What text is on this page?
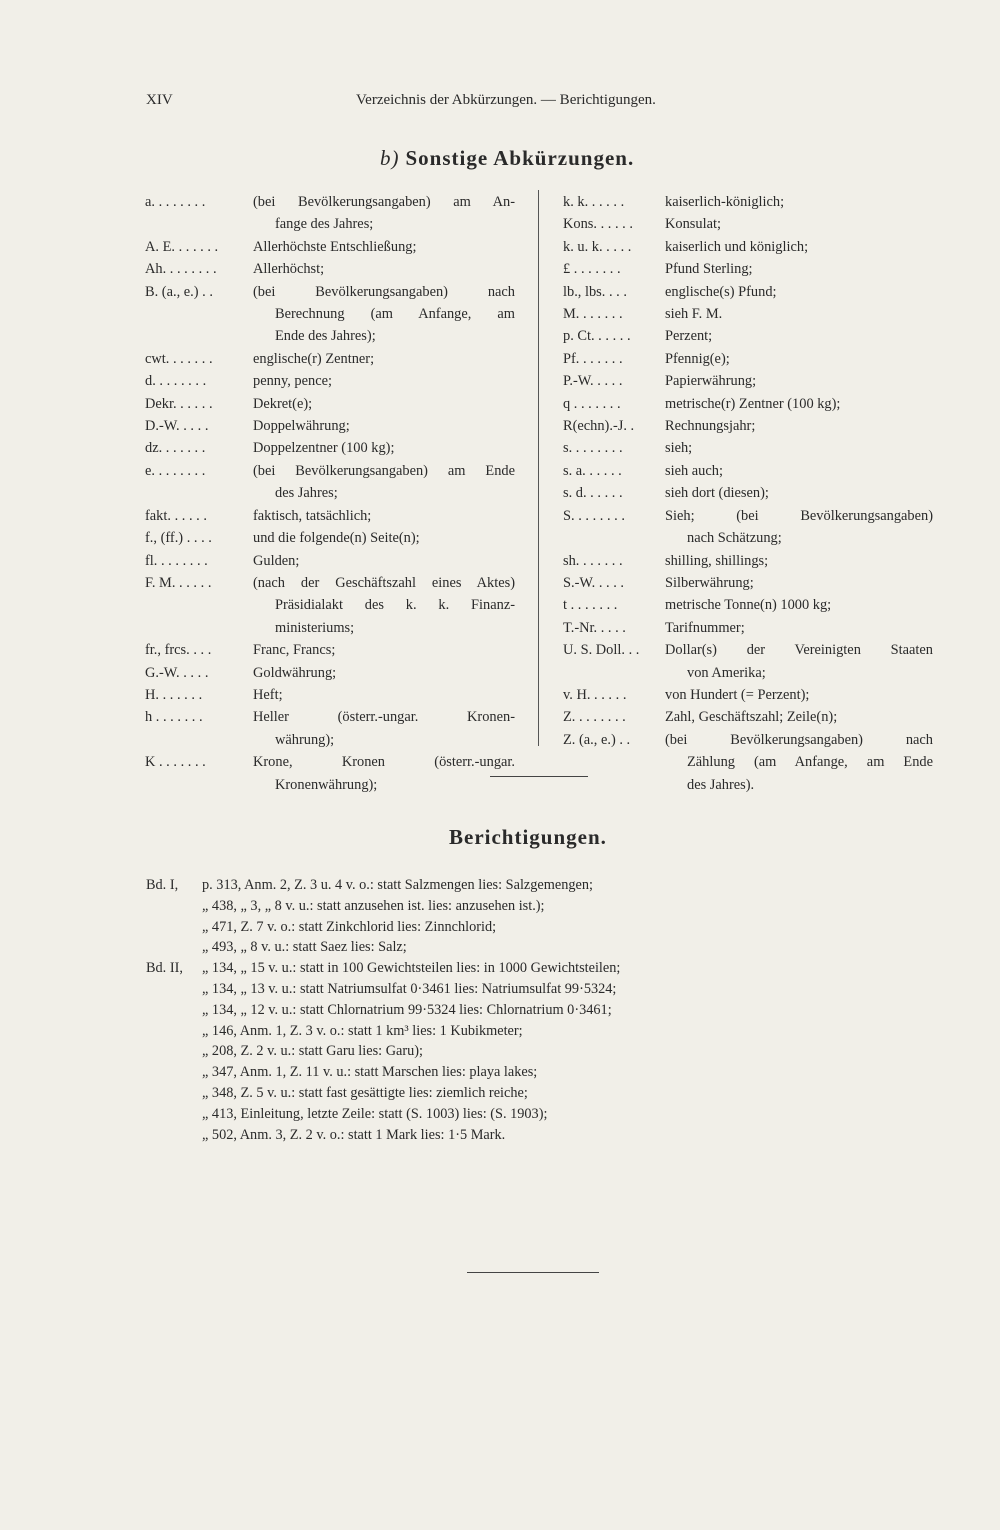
XIV	Verzeichnis der Abkürzungen. — Berichtigungen.
b) Sonstige Abkürzungen.
a. . . . . . . .	(bei Bevölkerungsangaben) am An-
fange des Jahres;
A. E. . . . . . .	Allerhöchste Entschließung;
Ah. . . . . . . .	Allerhöchst;
B. (a., e.) . .	(bei Bevölkerungsangaben) nach
Berechnung (am Anfange, am
Ende des Jahres);
cwt. . . . . . .	englische(r) Zentner;
d. . . . . . . .	penny, pence;
Dekr. . . . . .	Dekret(e);
D.-W. . . . .	Doppelwährung;
dz. . . . . . .	Doppelzentner (100 kg);
e. . . . . . . .	(bei Bevölkerungsangaben) am Ende
des Jahres;
fakt. . . . . .	faktisch, tatsächlich;
f., (ff.) . . . .	und die folgende(n) Seite(n);
fl. . . . . . . .	Gulden;
F. M. . . . . .	(nach der Geschäftszahl eines Aktes)
Präsidialakt des k. k. Finanz-
ministeriums;
fr., frcs. . . .	Franc, Francs;
G.-W. . . . .	Goldwährung;
H. . . . . . .	Heft;
h . . . . . . .	Heller (österr.-ungar. Kronen-
währung);
K . . . . . . .	Krone, Kronen (österr.-ungar.
Kronenwährung);
k. k. . . . . .	kaiserlich-königlich;
Kons. . . . . .	Konsulat;
k. u. k. . . . .	kaiserlich und königlich;
£ . . . . . . .	Pfund Sterling;
lb., lbs. . . .	englische(s) Pfund;
M. . . . . . .	sieh F. M.
p. Ct. . . . . .	Perzent;
Pf. . . . . . .	Pfennig(e);
P.-W. . . . .	Papierwährung;
q . . . . . . .	metrische(r) Zentner (100 kg);
R(echn).-J. .	Rechnungsjahr;
s. . . . . . . .	sieh;
s. a. . . . . .	sieh auch;
s. d. . . . . .	sieh dort (diesen);
S. . . . . . . .	Sieh; (bei Bevölkerungsangaben)
nach Schätzung;
sh. . . . . . .	shilling, shillings;
S.-W. . . . .	Silberwährung;
t . . . . . . .	metrische Tonne(n) 1000 kg;
T.-Nr. . . . .	Tarifnummer;
U. S. Doll. . .	Dollar(s) der Vereinigten Staaten
von Amerika;
v. H. . . . . .	von Hundert (= Perzent);
Z. . . . . . . .	Zahl, Geschäftszahl; Zeile(n);
Z. (a., e.) . .	(bei Bevölkerungsangaben) nach
Zählung (am Anfange, am Ende
des Jahres).
Berichtigungen.
Bd. I,	p. 313, Anm. 2, Z. 3 u. 4 v. o.: statt Salzmengen lies: Salzgemengen;
„ 438, „ 3, „ 8 v. u.: statt anzusehen ist. lies: anzusehen ist.);
„ 471, Z. 7 v. o.: statt Zinkchlorid lies: Zinnchlorid;
„ 493, „ 8 v. u.: statt Saez lies: Salz;
Bd. II,	„ 134, „ 15 v. u.: statt in 100 Gewichtsteilen lies: in 1000 Gewichtsteilen;
„ 134, „ 13 v. u.: statt Natriumsulfat 0·3461 lies: Natriumsulfat 99·5324;
„ 134, „ 12 v. u.: statt Chlornatrium 99·5324 lies: Chlornatrium 0·3461;
„ 146, Anm. 1, Z. 3 v. o.: statt 1 km³ lies: 1 Kubikmeter;
„ 208, Z. 2 v. u.: statt Garu lies: Garu);
„ 347, Anm. 1, Z. 11 v. u.: statt Marschen lies: playa lakes;
„ 348, Z. 5 v. u.: statt fast gesättigte lies: ziemlich reiche;
„ 413, Einleitung, letzte Zeile: statt (S. 1003) lies: (S. 1903);
„ 502, Anm. 3, Z. 2 v. o.: statt 1 Mark lies: 1·5 Mark.
